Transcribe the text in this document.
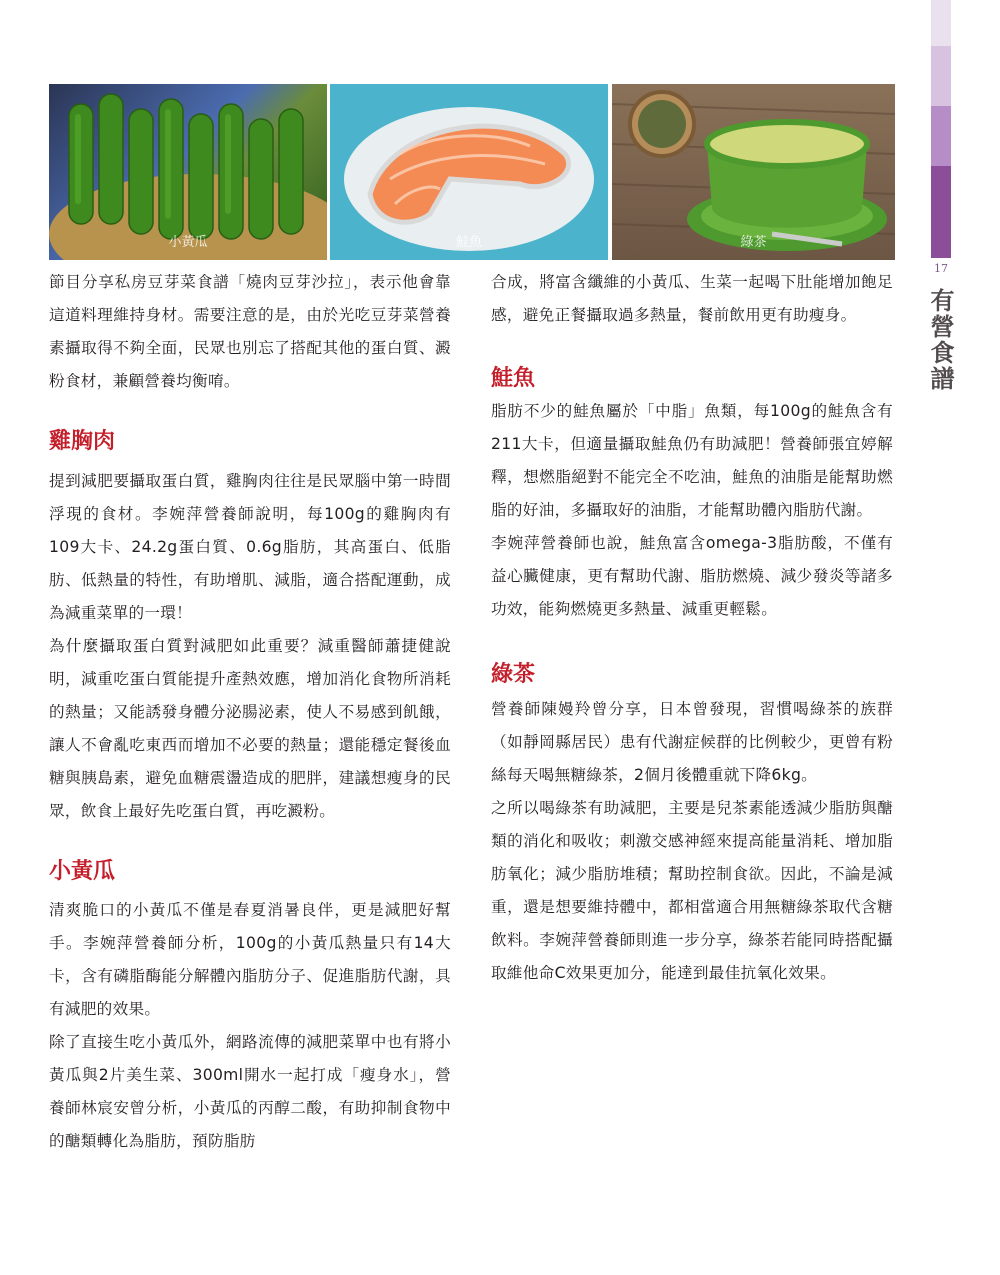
17
有營食譜
小黃瓜	鮭魚	綠茶

節目分享私房豆芽菜食譜「燒肉豆芽沙拉」，表示他會靠這道料理維持身材。需要注意的是，由於光吃豆芽菜營養素攝取得不夠全面，民眾也別忘了搭配其他的蛋白質、澱粉食材，兼顧營養均衡唷。

雞胸肉

提到減肥要攝取蛋白質，雞胸肉往往是民眾腦中第一時間浮現的食材。李婉萍營養師說明，每100g的雞胸肉有109大卡、24.2g蛋白質、0.6g脂肪，其高蛋白、低脂肪、低熱量的特性，有助增肌、減脂，適合搭配運動，成為減重菜單的一環！

為什麼攝取蛋白質對減肥如此重要？減重醫師蕭捷健說明，減重吃蛋白質能提升產熱效應，增加消化食物所消耗的熱量；又能誘發身體分泌腸泌素，使人不易感到飢餓，讓人不會亂吃東西而增加不必要的熱量；還能穩定餐後血糖與胰島素，避免血糖震盪造成的肥胖，建議想瘦身的民眾，飲食上最好先吃蛋白質，再吃澱粉。

小黃瓜

清爽脆口的小黃瓜不僅是春夏消暑良伴，更是減肥好幫手。李婉萍營養師分析，100g的小黃瓜熱量只有14大卡，含有磷脂酶能分解體內脂肪分子、促進脂肪代謝，具有減肥的效果。

除了直接生吃小黃瓜外，網路流傳的減肥菜單中也有將小黃瓜與2片美生菜、300ml開水一起打成「瘦身水」，營養師林宸安曾分析，小黃瓜的丙醇二酸，有助抑制食物中的醣類轉化為脂肪，預防脂肪

合成，將富含纖維的小黃瓜、生菜一起喝下肚能增加飽足感，避免正餐攝取過多熱量，餐前飲用更有助瘦身。

鮭魚

脂肪不少的鮭魚屬於「中脂」魚類，每100g的鮭魚含有211大卡，但適量攝取鮭魚仍有助減肥！營養師張宜婷解釋，想燃脂絕對不能完全不吃油，鮭魚的油脂是能幫助燃脂的好油，多攝取好的油脂，才能幫助體內脂肪代謝。

李婉萍營養師也說，鮭魚富含omega-3脂肪酸，不僅有益心臟健康，更有幫助代謝、脂肪燃燒、減少發炎等諸多功效，能夠燃燒更多熱量、減重更輕鬆。

綠茶

營養師陳嫚羚曾分享，日本曾發現，習慣喝綠茶的族群（如靜岡縣居民）患有代謝症候群的比例較少，更曾有粉絲每天喝無糖綠茶，2個月後體重就下降6kg。

之所以喝綠茶有助減肥，主要是兒茶素能透減少脂肪與醣類的消化和吸收；刺激交感神經來提高能量消耗、增加脂肪氧化；減少脂肪堆積；幫助控制食欲。因此，不論是減重，還是想要維持體中，都相當適合用無糖綠茶取代含糖飲料。李婉萍營養師則進一步分享，綠茶若能同時搭配攝取維他命C效果更加分，能達到最佳抗氧化效果。
